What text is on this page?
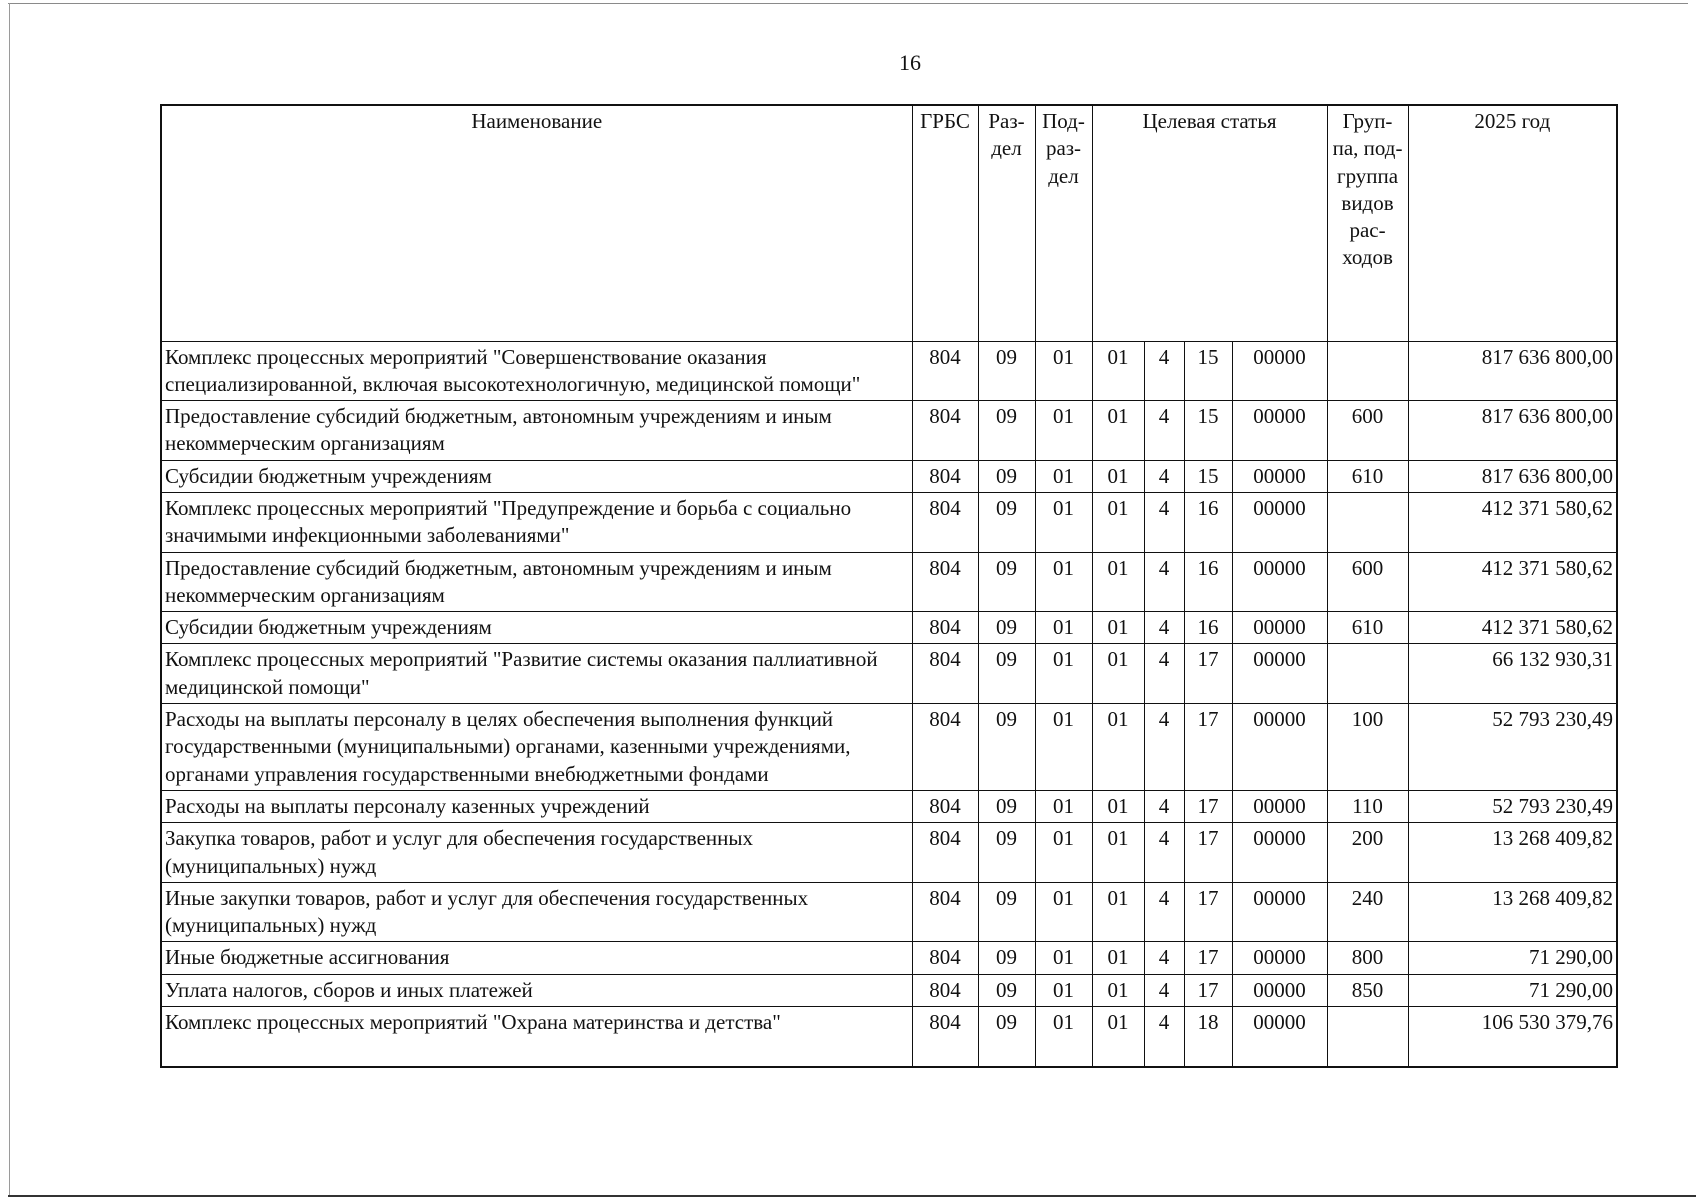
16
Наименование	ГРБС	Раз- дел	Под- раз- дел	Целевая статья				Груп- па, под- группа видов рас- ходов	2025 год
Комплекс процессных мероприятий "Совершенствование оказания специализированной, включая высокотехнологичную, медицинской помощи"	804	09	01	01	4	15	00000		817 636 800,00
Предоставление субсидий бюджетным, автономным учреждениям и иным некоммерческим организациям	804	09	01	01	4	15	00000	600	817 636 800,00
Субсидии бюджетным учреждениям	804	09	01	01	4	15	00000	610	817 636 800,00
Комплекс процессных мероприятий "Предупреждение и борьба с социально значимыми инфекционными заболеваниями"	804	09	01	01	4	16	00000		412 371 580,62
Предоставление субсидий бюджетным, автономным учреждениям и иным некоммерческим организациям	804	09	01	01	4	16	00000	600	412 371 580,62
Субсидии бюджетным учреждениям	804	09	01	01	4	16	00000	610	412 371 580,62
Комплекс процессных мероприятий "Развитие системы оказания паллиативной медицинской помощи"	804	09	01	01	4	17	00000		66 132 930,31
Расходы на выплаты персоналу в целях обеспечения выполнения функций государственными (муниципальными) органами, казенными учреждениями, органами управления государственными внебюджетными фондами	804	09	01	01	4	17	00000	100	52 793 230,49
Расходы на выплаты персоналу казенных учреждений	804	09	01	01	4	17	00000	110	52 793 230,49
Закупка товаров, работ и услуг для обеспечения государственных (муниципальных) нужд	804	09	01	01	4	17	00000	200	13 268 409,82
Иные закупки товаров, работ и услуг для обеспечения государственных (муниципальных) нужд	804	09	01	01	4	17	00000	240	13 268 409,82
Иные бюджетные ассигнования	804	09	01	01	4	17	00000	800	71 290,00
Уплата налогов, сборов и иных платежей	804	09	01	01	4	17	00000	850	71 290,00
Комплекс процессных мероприятий "Охрана материнства и детства"	804	09	01	01	4	18	00000		106 530 379,76
